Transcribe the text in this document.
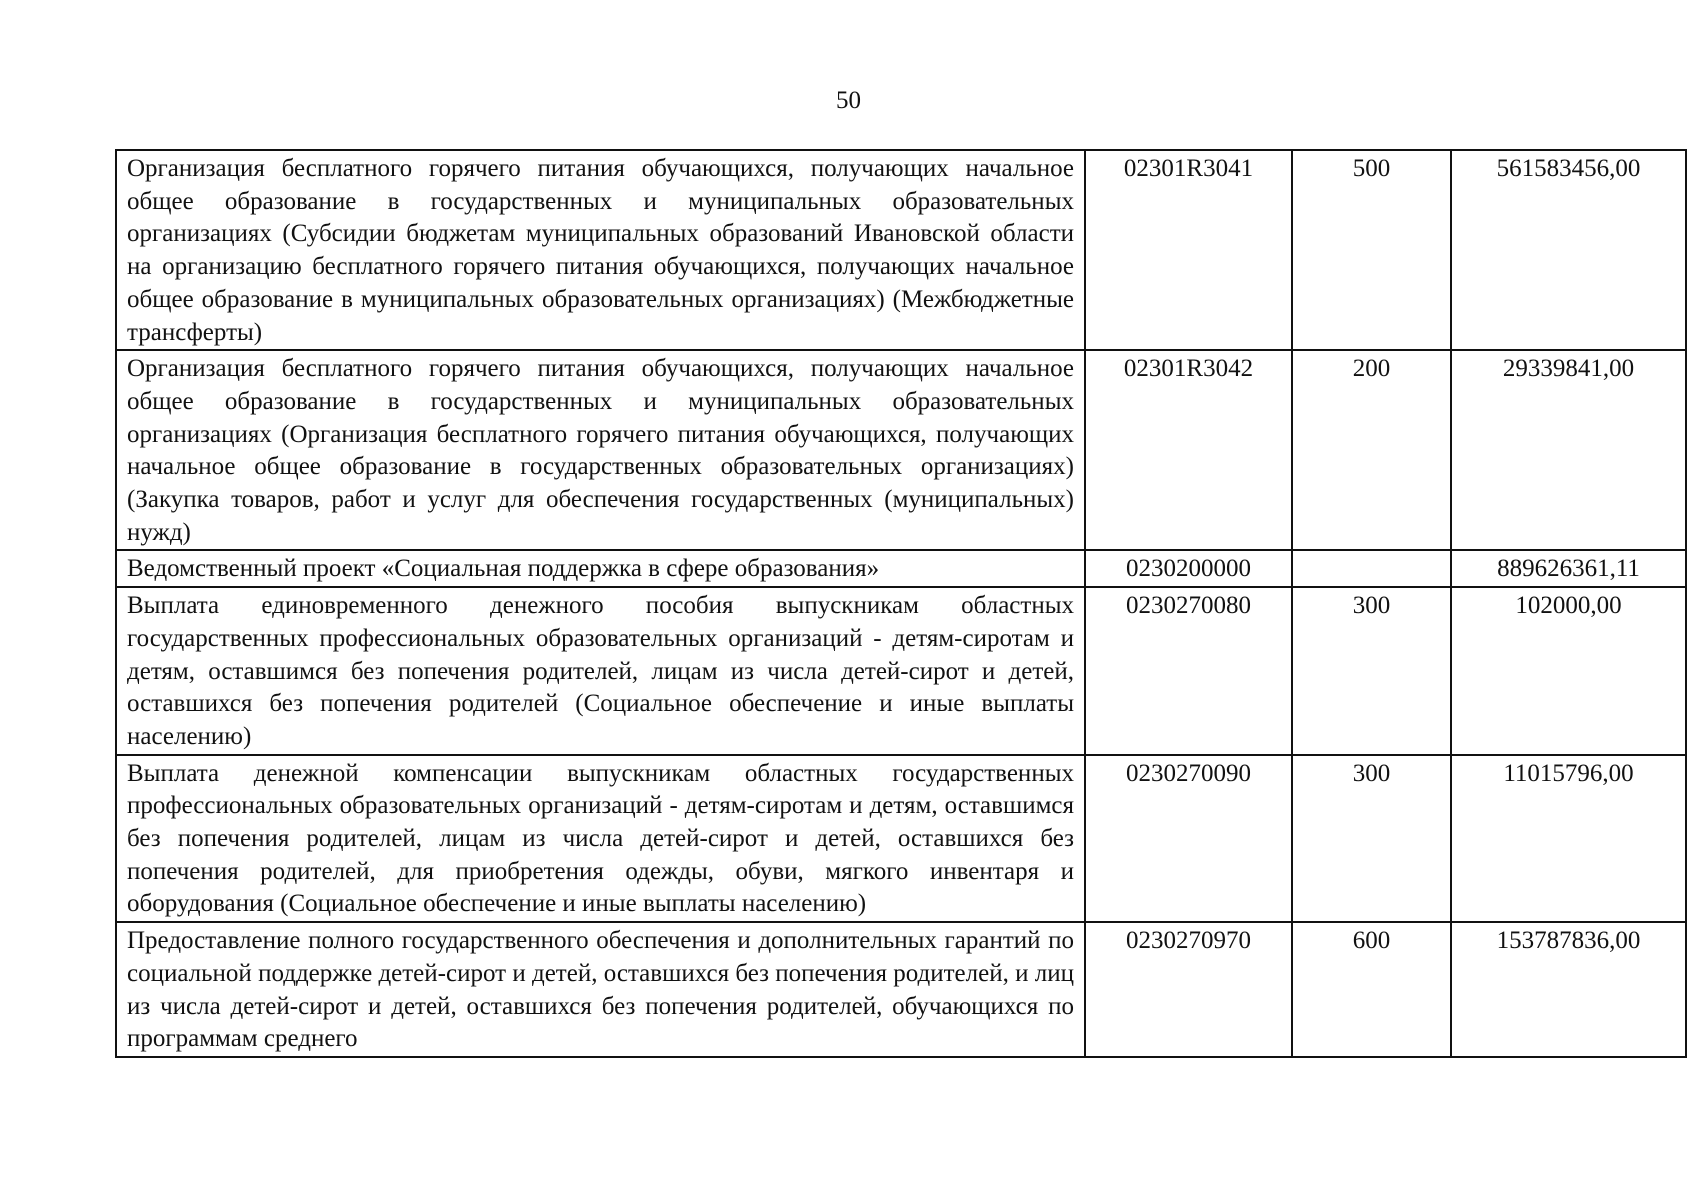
50
Организация бесплатного горячего питания обучающихся, получающих начальное общее образование в государственных и муниципальных образовательных организациях (Субсидии бюджетам муниципальных образований Ивановской области на организацию бесплатного горячего питания обучающихся, получающих начальное общее образование в муниципальных образовательных организациях) (Межбюджетные трансферты)	02301R3041	500	561583456,00

Организация бесплатного горячего питания обучающихся, получающих начальное общее образование в государственных и муниципальных образовательных организациях (Организация бесплатного горячего питания обучающихся, получающих начальное общее образование в государственных образовательных организациях) (Закупка товаров, работ и услуг для обеспечения государственных (муниципальных) нужд)	02301R3042	200	29339841,00

Ведомственный проект «Социальная поддержка в сфере образования»	0230200000		889626361,11

Выплата единовременного денежного пособия выпускникам областных государственных профессиональных образовательных организаций - детям-сиротам и детям, оставшимся без попечения родителей, лицам из числа детей-сирот и детей, оставшихся без попечения родителей (Социальное обеспечение и иные выплаты населению)	0230270080	300	102000,00

Выплата денежной компенсации выпускникам областных государственных профессиональных образовательных организаций - детям-сиротам и детям, оставшимся без попечения родителей, лицам из числа детей-сирот и детей, оставшихся без попечения родителей, для приобретения одежды, обуви, мягкого инвентаря и оборудования (Социальное обеспечение и иные выплаты населению)	0230270090	300	11015796,00

Предоставление полного государственного обеспечения и дополнительных гарантий по социальной поддержке детей-сирот и детей, оставшихся без попечения родителей, и лиц из числа детей-сирот и детей, оставшихся без попечения родителей, обучающихся по программам среднего	0230270970	600	153787836,00
